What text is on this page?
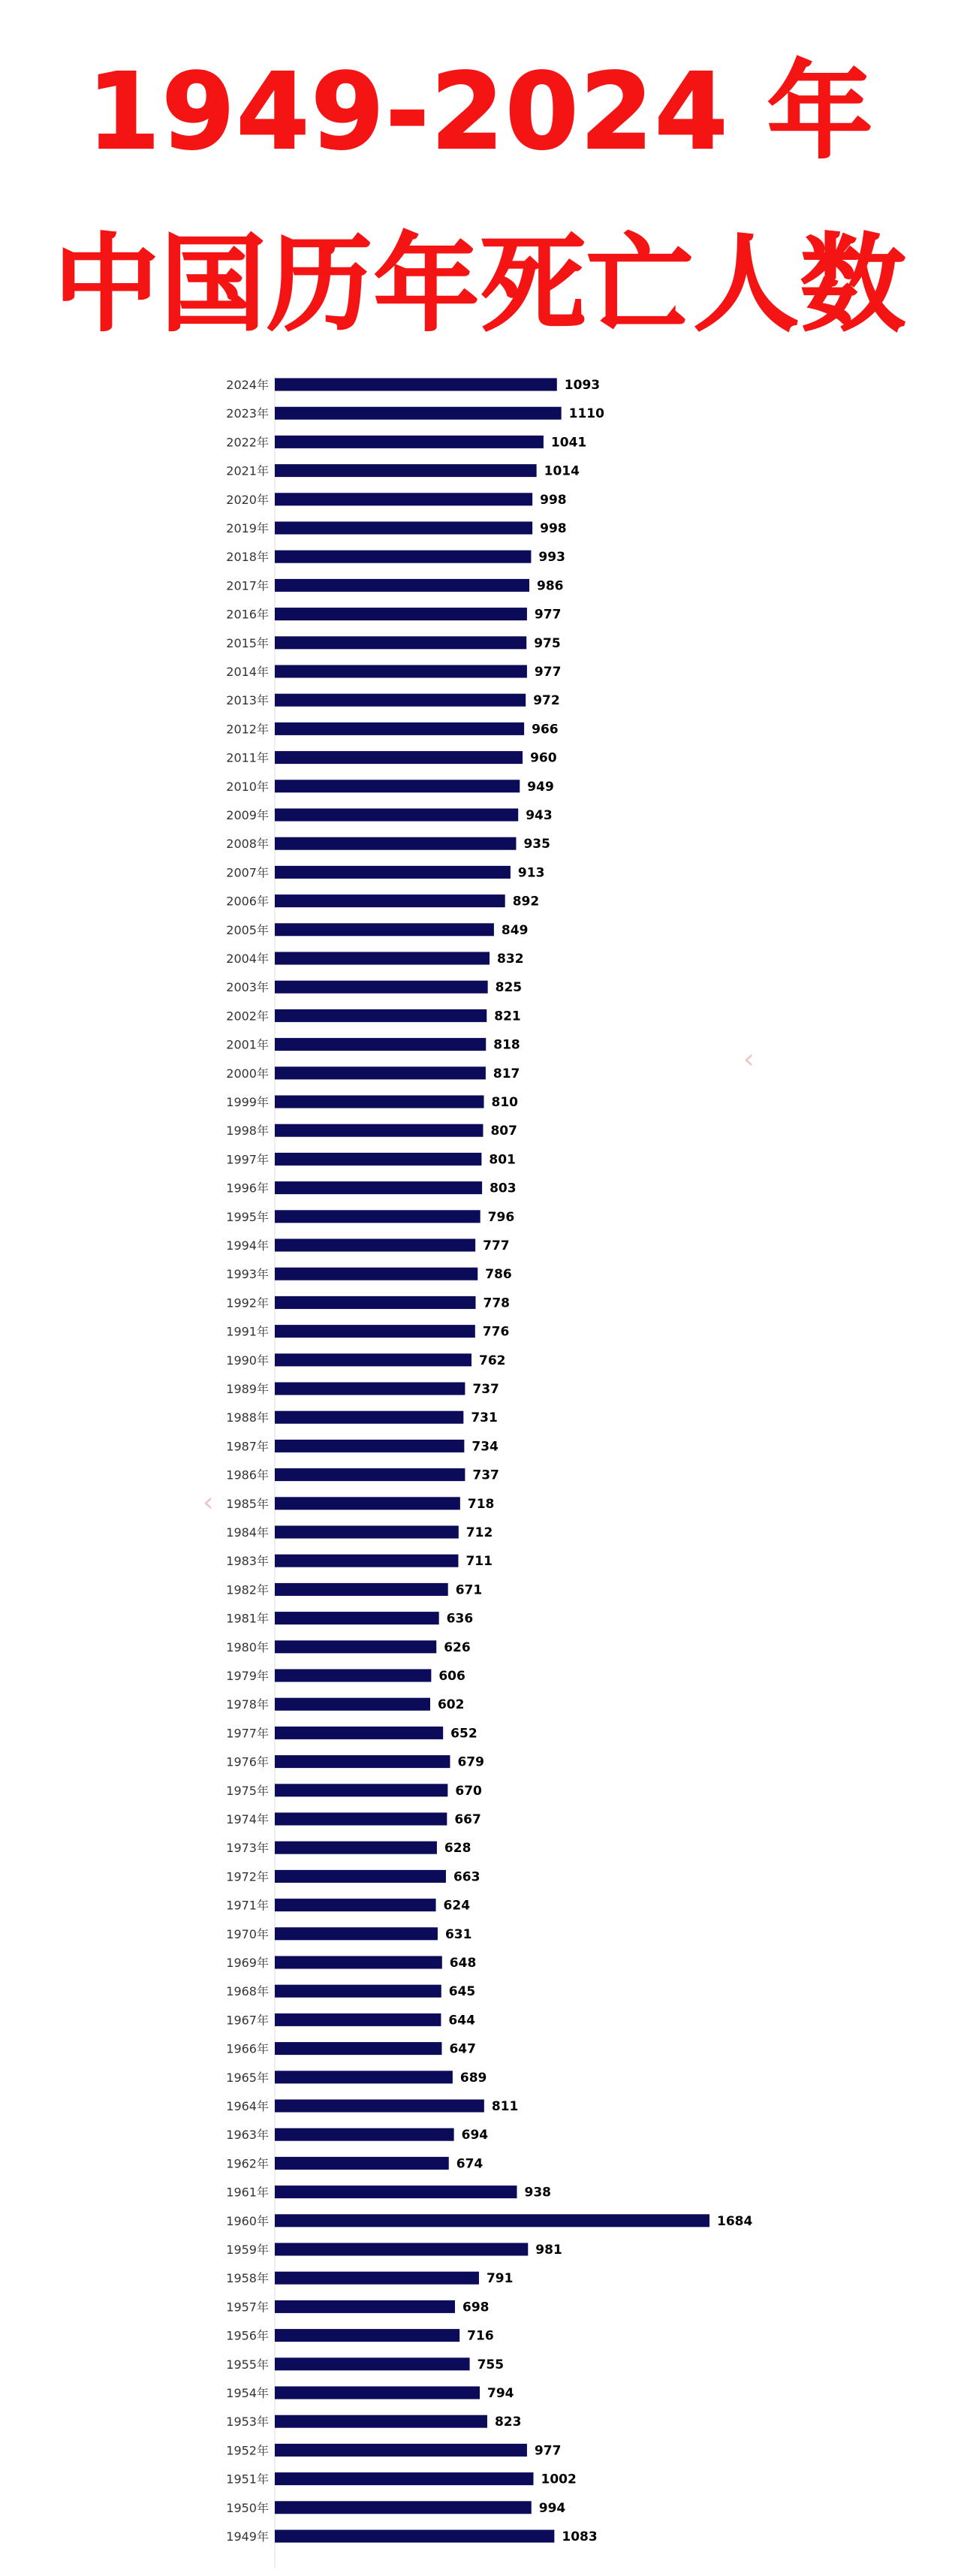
1949-2024 年
中国历年死亡人数
2024年	1093
2023年	1110
2022年	1041
2021年	1014
2020年	998
2019年	998
2018年	993
2017年	986
2016年	977
2015年	975
2014年	977
2013年	972
2012年	966
2011年	960
2010年	949
2009年	943
2008年	935
2007年	913
2006年	892
2005年	849
2004年	832
2003年	825
2002年	821
2001年	818
2000年	817
1999年	810
1998年	807
1997年	801
1996年	803
1995年	796
1994年	777
1993年	786
1992年	778
1991年	776
1990年	762
1989年	737
1988年	731
1987年	734
1986年	737
1985年	718
1984年	712
1983年	711
1982年	671
1981年	636
1980年	626
1979年	606
1978年	602
1977年	652
1976年	679
1975年	670
1974年	667
1973年	628
1972年	663
1971年	624
1970年	631
1969年	648
1968年	645
1967年	644
1966年	647
1965年	689
1964年	811
1963年	694
1962年	674
1961年	938
1960年	1684
1959年	981
1958年	791
1957年	698
1956年	716
1955年	755
1954年	794
1953年	823
1952年	977
1951年	1002
1950年	994
1949年	1083
‹
‹
